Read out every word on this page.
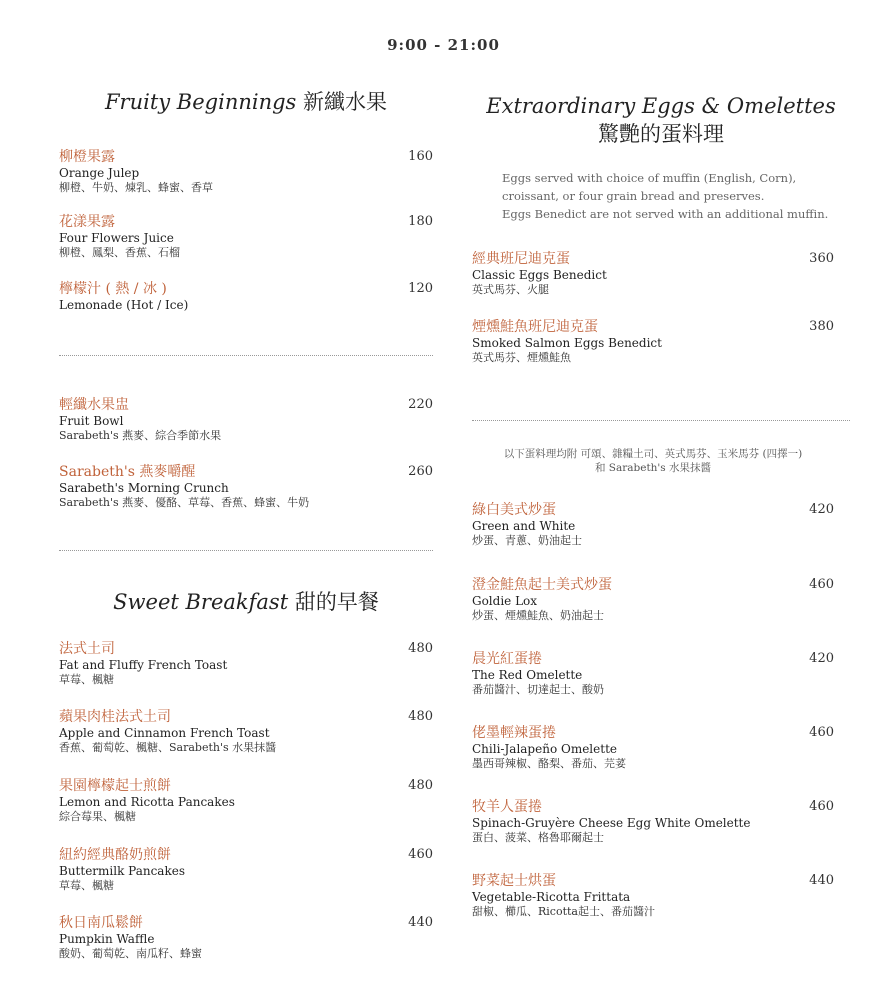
9:00 - 21:00
Fruity Beginnings 新纖水果
柳橙果露
Orange Julep
柳橙、牛奶、煉乳、蜂蜜、香草
160
花漾果露
Four Flowers Juice
柳橙、鳳梨、香蕉、石榴
180
檸檬汁 ( 熱 / 冰 )
Lemonade (Hot / Ice)
120
輕纖水果盅
Fruit Bowl
Sarabeth's 燕麥、綜合季節水果
220
Sarabeth's 燕麥嚼醒
Sarabeth's Morning Crunch
Sarabeth's 燕麥、優酪、草莓、香蕉、蜂蜜、牛奶
260
Sweet Breakfast 甜的早餐
法式土司
Fat and Fluffy French Toast
草莓、楓糖
480
蘋果肉桂法式土司
Apple and Cinnamon French Toast
香蕉、葡萄乾、楓糖、Sarabeth's 水果抹醬
480
果園檸檬起士煎餅
Lemon and Ricotta Pancakes
綜合莓果、楓糖
480
紐約經典酪奶煎餅
Buttermilk Pancakes
草莓、楓糖
460
秋日南瓜鬆餅
Pumpkin Waffle
酸奶、葡萄乾、南瓜籽、蜂蜜
440
Extraordinary Eggs & Omelettes
驚艷的蛋料理
Eggs served with choice of muffin (English, Corn),
croissant, or four grain bread and preserves.
Eggs Benedict are not served with an additional muffin.
經典班尼迪克蛋
Classic Eggs Benedict
英式馬芬、火腿
360
煙燻鮭魚班尼迪克蛋
Smoked Salmon Eggs Benedict
英式馬芬、煙燻鮭魚
380
以下蛋料理均附 可頌、雜糧土司、英式馬芬、玉米馬芬 (四擇一)
和 Sarabeth's 水果抹醬
綠白美式炒蛋
Green and White
炒蛋、青蔥、奶油起士
420
澄金鮭魚起士美式炒蛋
Goldie Lox
炒蛋、煙燻鮭魚、奶油起士
460
晨光紅蛋捲
The Red Omelette
番茄醬汁、切達起士、酸奶
420
佬墨輕辣蛋捲
Chili-Jalapeño Omelette
墨西哥辣椒、酪梨、番茄、芫荽
460
牧羊人蛋捲
Spinach-Gruyère Cheese Egg White Omelette
蛋白、菠菜、格魯耶爾起士
460
野菜起士烘蛋
Vegetable-Ricotta Frittata
甜椒、櫛瓜、Ricotta起士、番茄醬汁
440
